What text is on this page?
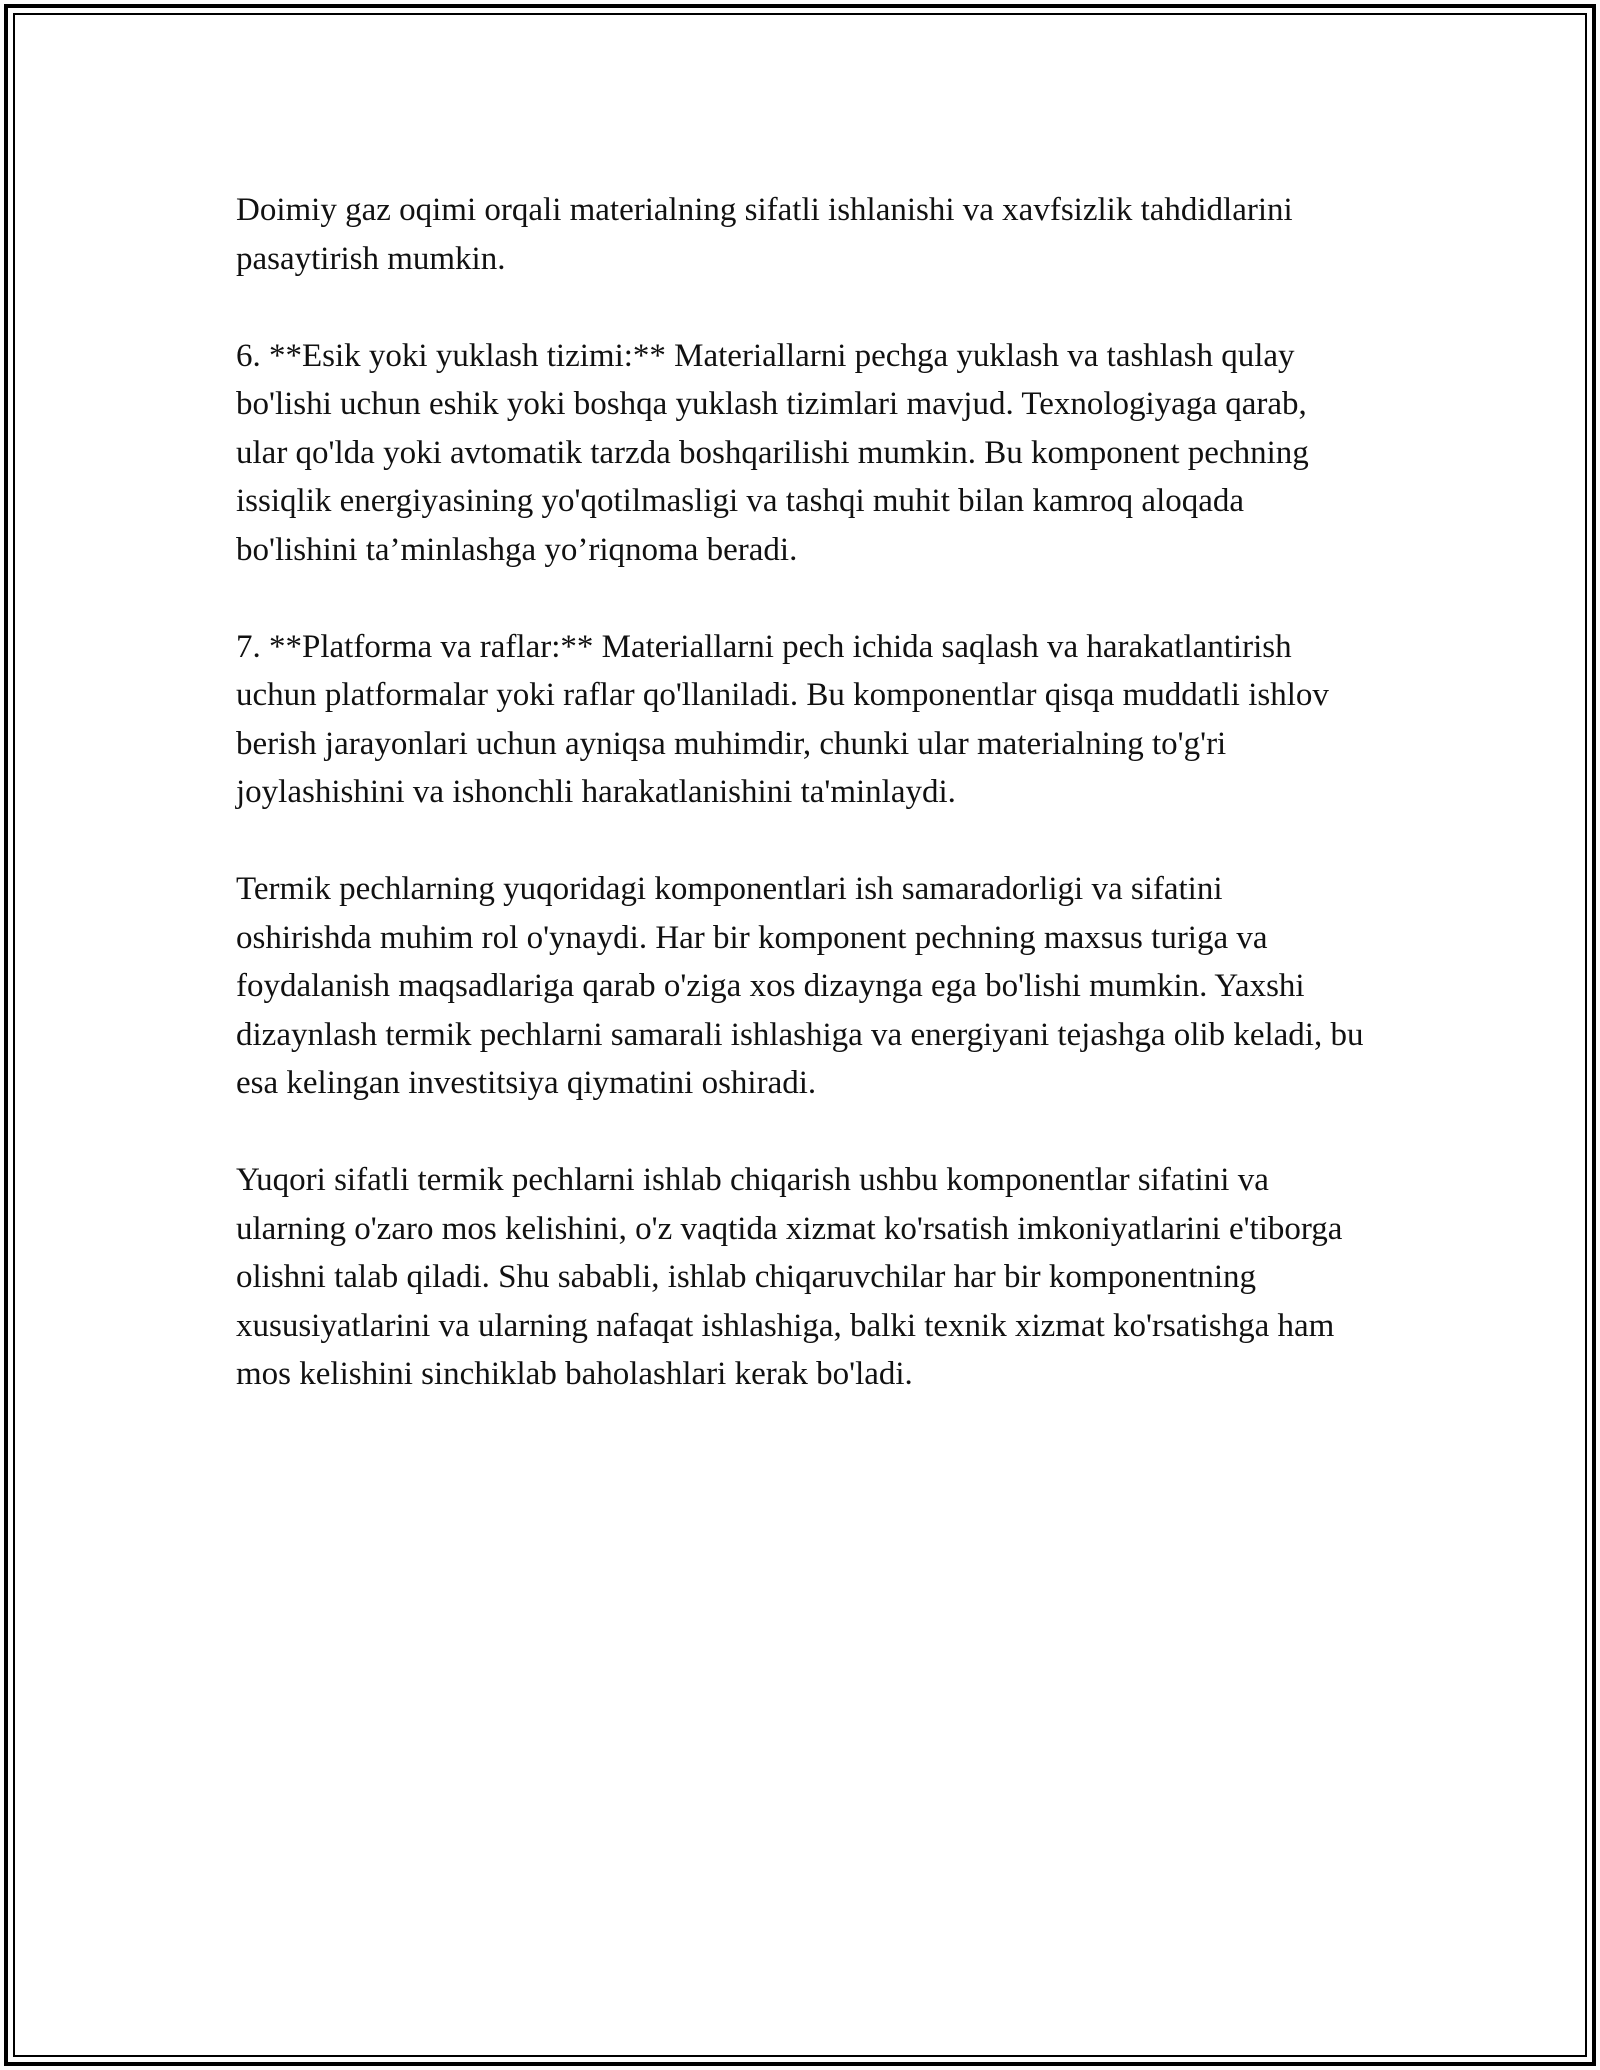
Doimiy gaz oqimi orqali materialning sifatli ishlanishi va xavfsizlik tahdidlarini pasaytirish mumkin.

6. **Esik yoki yuklash tizimi:** Materiallarni pechga yuklash va tashlash qulay bo'lishi uchun eshik yoki boshqa yuklash tizimlari mavjud. Texnologiyaga qarab, ular qo'lda yoki avtomatik tarzda boshqarilishi mumkin. Bu komponent pechning issiqlik energiyasining yo'qotilmasligi va tashqi muhit bilan kamroq aloqada bo'lishini ta’minlashga yo’riqnoma beradi.

7. **Platforma va raflar:** Materiallarni pech ichida saqlash va harakatlantirish uchun platformalar yoki raflar qo'llaniladi. Bu komponentlar qisqa muddatli ishlov berish jarayonlari uchun ayniqsa muhimdir, chunki ular materialning to'g'ri joylashishini va ishonchli harakatlanishini ta'minlaydi.

Termik pechlarning yuqoridagi komponentlari ish samaradorligi va sifatini oshirishda muhim rol o'ynaydi. Har bir komponent pechning maxsus turiga va foydalanish maqsadlariga qarab o'ziga xos dizaynga ega bo'lishi mumkin. Yaxshi dizaynlash termik pechlarni samarali ishlashiga va energiyani tejashga olib keladi, bu esa kelingan investitsiya qiymatini oshiradi.

Yuqori sifatli termik pechlarni ishlab chiqarish ushbu komponentlar sifatini va ularning o'zaro mos kelishini, o'z vaqtida xizmat ko'rsatish imkoniyatlarini e'tiborga olishni talab qiladi. Shu sababli, ishlab chiqaruvchilar har bir komponentning xususiyatlarini va ularning nafaqat ishlashiga, balki texnik xizmat ko'rsatishga ham mos kelishini sinchiklab baholashlari kerak bo'ladi.
